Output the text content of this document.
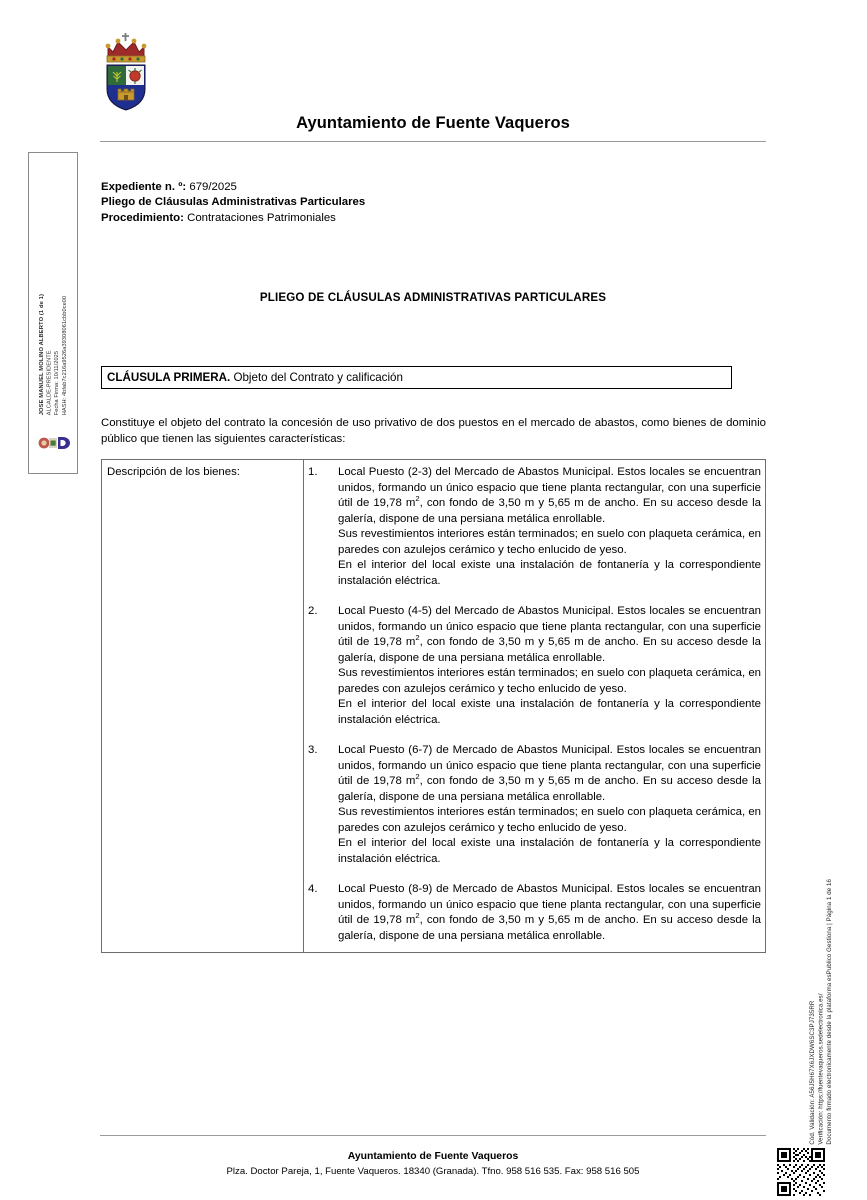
Ayuntamiento de Fuente Vaqueros
JOSE MANUEL MOLINO ALBERTO (1 de 1) ALCALDE-PRESIDENTE Fecha Firma: 10/11/2025 HASH: 4bfab7c216a9526a39308061cbb0ce00
Expediente n. º: 679/2025
Pliego de Cláusulas Administrativas Particulares
Procedimiento: Contrataciones Patrimoniales
PLIEGO DE CLÁUSULAS ADMINISTRATIVAS PARTICULARES
CLÁUSULA PRIMERA.
Objeto del Contrato y calificación
Constituye el objeto del contrato la concesión de uso privativo de dos puestos en el mercado de abastos, como bienes de dominio público que tienen las siguientes características:
Descripción de los bienes:	Local Puesto (2-3) del Mercado de Abastos Municipal. Estos locales se encuentran unidos, formando un único espacio que tiene planta rectangular, con una superficie útil de 19,78 $m^2$, con fondo de 3,50 m y 5,65 m de ancho. En su acceso desde la galería, dispone de una persiana metálica enrollable.

Sus revestimientos interiores están terminados; en suelo con plaqueta cerámica, en paredes con azulejos cerámico y techo enlucido de yeso.

En el interior del local existe una instalación de fontanería y la correspondiente instalación eléctrica.

Local Puesto (4-5) del Mercado de Abastos Municipal. Estos locales se encuentran unidos, formando un único espacio que tiene planta rectangular, con una superficie útil de 19,78 $m^2$, con fondo de 3,50 m y 5,65 m de ancho. En su acceso desde la galería, dispone de una persiana metálica enrollable.

Sus revestimientos interiores están terminados; en suelo con plaqueta cerámica, en paredes con azulejos cerámico y techo enlucido de yeso.

En el interior del local existe una instalación de fontanería y la correspondiente instalación eléctrica.

Local Puesto (6-7) de Mercado de Abastos Municipal. Estos locales se encuentran unidos, formando un único espacio que tiene planta rectangular, con una superficie útil de 19,78 $m^2$, con fondo de 3,50 m y 5,65 m de ancho. En su acceso desde la galería, dispone de una persiana metálica enrollable.

Sus revestimientos interiores están terminados; en suelo con plaqueta cerámica, en paredes con azulejos cerámico y techo enlucido de yeso.

En el interior del local existe una instalación de fontanería y la correspondiente instalación eléctrica.

Local Puesto (8-9) de Mercado de Abastos Municipal. Estos locales se encuentran unidos, formando un único espacio que tiene planta rectangular, con una superficie útil de 19,78 $m^2$, con fondo de 3,50 m y 5,65 m de ancho. En su acceso desde la galería, dispone de una persiana metálica enrollable.

Cód. Validación: A56J5H67X6JXDW6SC3PJ735RR Verificación: https://fuentevaqueros.sedelectronica.es/ Documento firmado electronicamente desde la plataforma esPublico Gestiona | Página 1 de 16
Ayuntamiento de Fuente Vaqueros
Plza. Doctor Pareja, 1, Fuente Vaqueros. 18340 (Granada). Tfno. 958 516 535. Fax: 958 516 505
